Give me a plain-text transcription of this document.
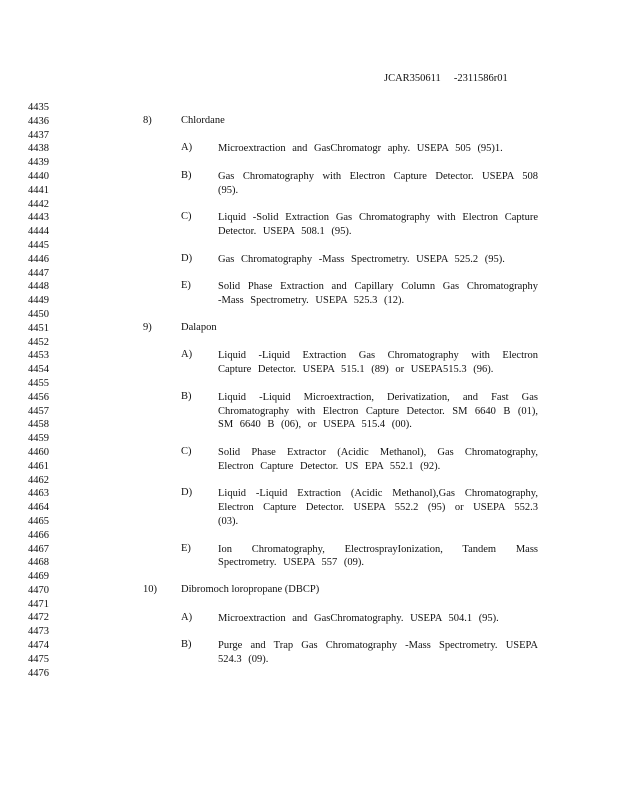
JCAR350611     -2311586r01
4435
4436
4437
4438
4439
4440
4441
4442
4443
4444
4445
4446
4447
4448
4449
4450
4451
4452
4453
4454
4455
4456
4457
4458
4459
4460
4461
4462
4463
4464
4465
4466
4467
4468
4469
4470
4471
4472
4473
4474
4475
4476
8)	Chlordane
A) Microextraction and GasChromatogr aphy. USEPA 505 (95)1.
B)	Gas Chromatography with Electron Capture Detector. USEPA 508 (95).
C)	Liquid -Solid Extraction Gas Chromatography with Electron Capture Detector. USEPA 508.1 (95).
D) Gas Chromatography -Mass Spectrometry. USEPA 525.2 (95).
E)	Solid Phase Extraction and Capillary Column Gas Chromatography -Mass Spectrometry. USEPA 525.3 (12).
9)	Dalapon
A) Liquid -Liquid Extraction Gas Chromatography with Electron Capture Detector. USEPA 515.1 (89) or USEPA515.3 (96).
B)	Liquid -Liquid Microextraction, Derivatization, and Fast Gas Chromatography with Electron Capture Detector. SM 6640 B (01), SM 6640 B (06), or USEPA 515.4 (00).
C)	Solid Phase Extractor (Acidic Methanol), Gas Chromatography, Electron Capture Detector. US EPA 552.1 (92).
D) Liquid -Liquid Extraction (Acidic Methanol),Gas Chromatography, Electron Capture Detector. USEPA 552.2 (95) or USEPA 552.3 (03).
E)	Ion Chromatography, ElectrosprayIonization, Tandem Mass Spectrometry. USEPA 557 (09).
10) Dibromoch loropropane (DBCP)
A) Microextraction and GasChromatography. USEPA 504.1 (95).
B)	Purge and Trap Gas Chromatography -Mass Spectrometry. USEPA 524.3 (09).
